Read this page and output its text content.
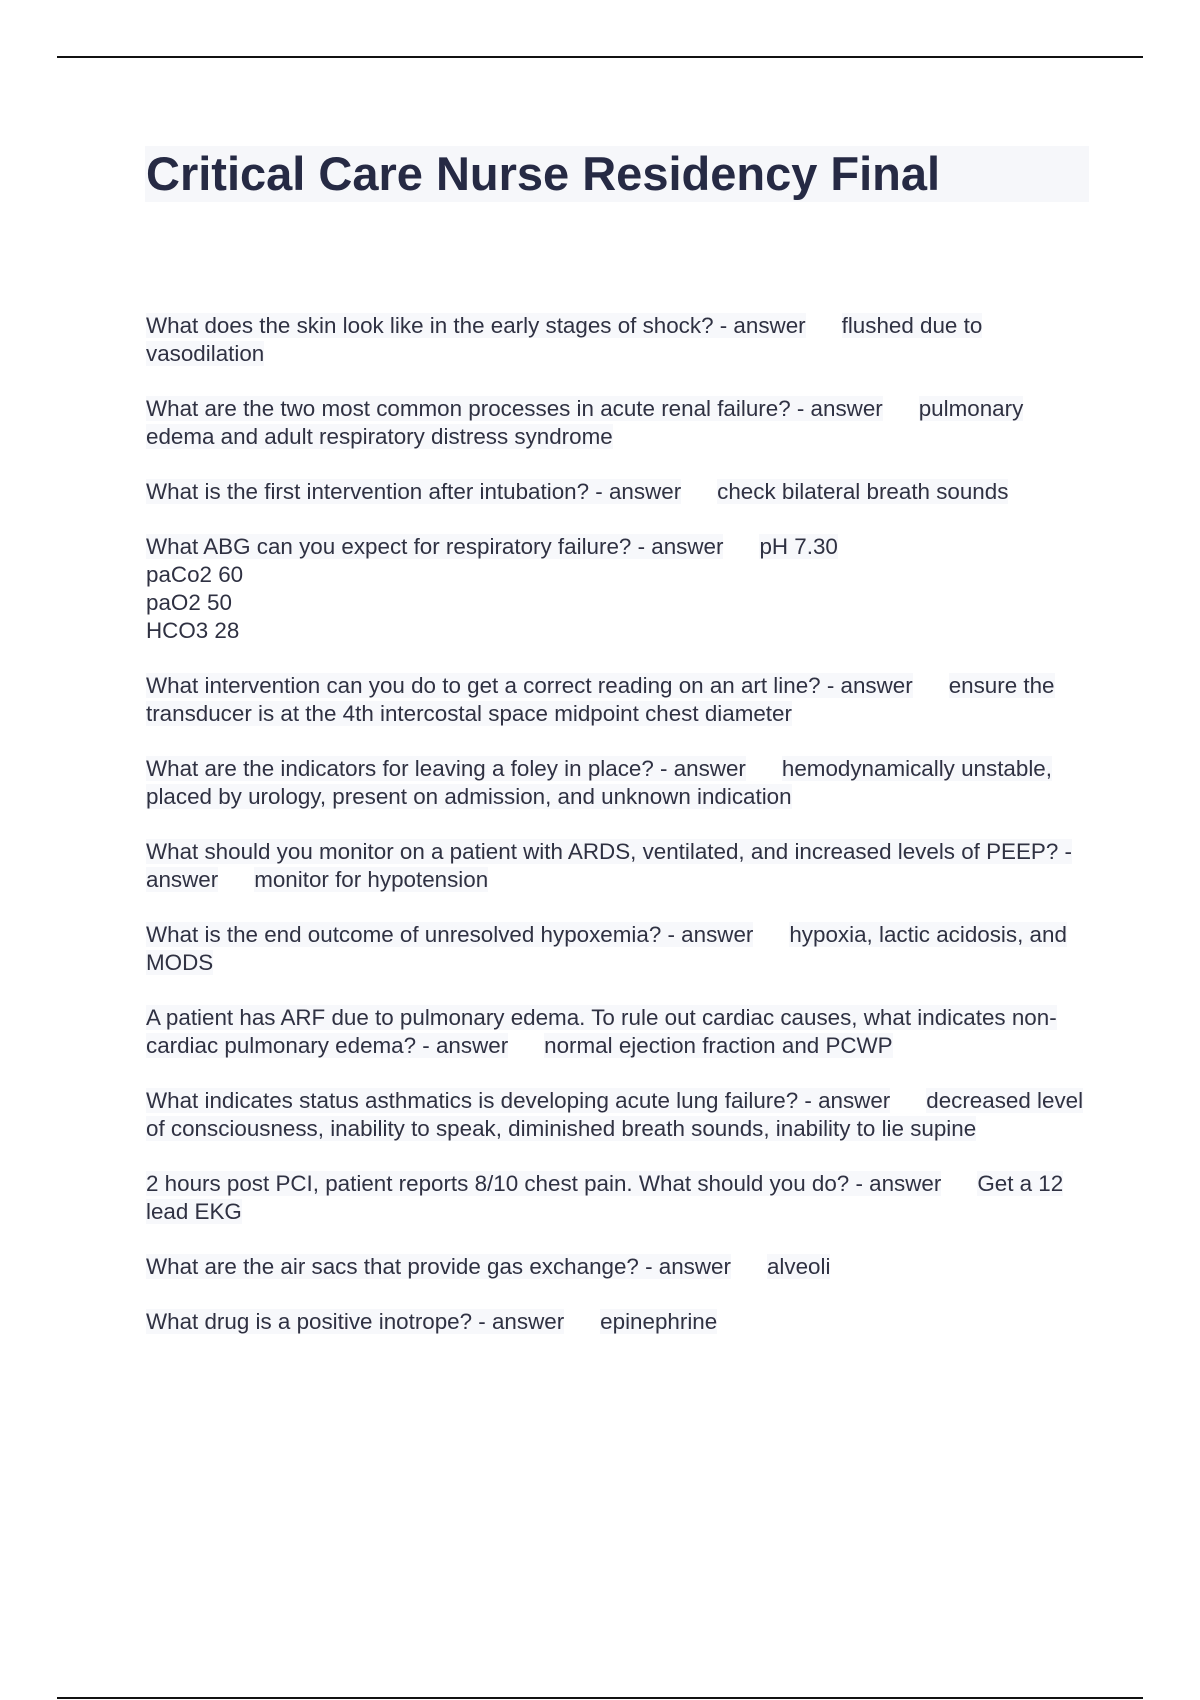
Critical Care Nurse Residency Final
What does the skin look like in the early stages of shock? - answer flushed due to vasodilation
What are the two most common processes in acute renal failure? - answer pulmonary edema and adult respiratory distress syndrome
What is the first intervention after intubation? - answer check bilateral breath sounds
What ABG can you expect for respiratory failure? - answer pH 7.30
paCo2 60
paO2 50
HCO3 28
What intervention can you do to get a correct reading on an art line? - answer ensure the transducer is at the 4th intercostal space midpoint chest diameter
What are the indicators for leaving a foley in place? - answer hemodynamically unstable, placed by urology, present on admission, and unknown indication
What should you monitor on a patient with ARDS, ventilated, and increased levels of PEEP? - answer monitor for hypotension
What is the end outcome of unresolved hypoxemia? - answer hypoxia, lactic acidosis, and MODS
A patient has ARF due to pulmonary edema. To rule out cardiac causes, what indicates non-cardiac pulmonary edema? - answer normal ejection fraction and PCWP
What indicates status asthmatics is developing acute lung failure? - answer decreased level of consciousness, inability to speak, diminished breath sounds, inability to lie supine
2 hours post PCI, patient reports 8/10 chest pain. What should you do? - answer Get a 12 lead EKG
What are the air sacs that provide gas exchange? - answer alveoli
What drug is a positive inotrope? - answer epinephrine
